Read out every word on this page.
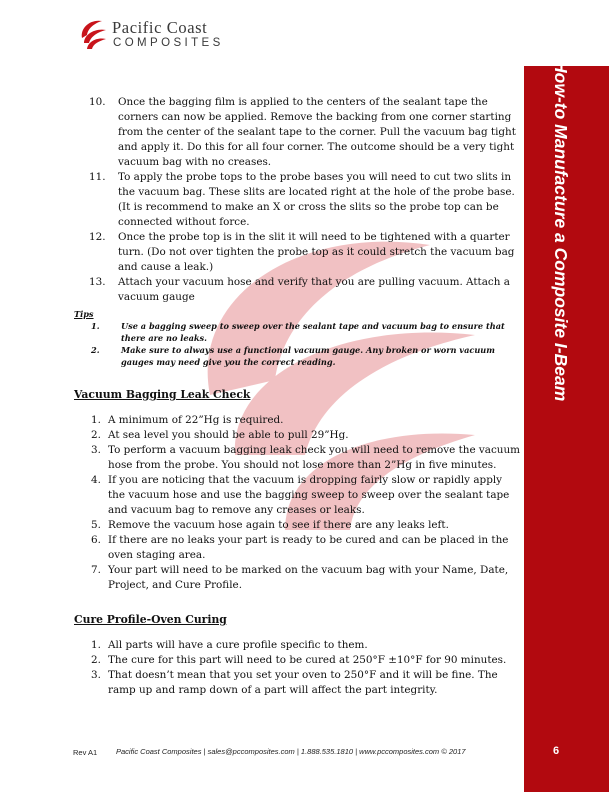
Pacific Coast
COMPOSITES
How-to Manufacture a Composite I-Beam
6
10.	Once the bagging film is applied to the centers of the sealant tape the corners can now be applied. Remove the backing from one corner starting from the center of the sealant tape to the corner. Pull the vacuum bag tight and apply it. Do this for all four corner. The outcome should be a very tight vacuum bag with no creases.
11.	To apply the probe tops to the probe bases you will need to cut two slits in the vacuum bag. These slits are located right at the hole of the probe base. (It is recommend to make an X or cross the slits so the probe top can be connected without force.
12.	Once the probe top is in the slit it will need to be tightened with a quarter turn. (Do not over tighten the probe top as it could stretch the vacuum bag and cause a leak.)
13.	Attach your vacuum hose and verify that you are pulling vacuum. Attach a vacuum gauge
Tips
1.	Use a bagging sweep to sweep over the sealant tape and vacuum bag to ensure that there are no leaks.
2.	Make sure to always use a functional vacuum gauge. Any broken or worn vacuum gauges may need give you the correct reading.
Vacuum Bagging Leak Check
1. A minimum of 22”Hg is required.
2. At sea level you should be able to pull 29”Hg.
3. To perform a vacuum bagging leak check you will need to remove the vacuum hose from the probe. You should not lose more than 2”Hg in five minutes.
4. If you are noticing that the vacuum is dropping fairly slow or rapidly apply the vacuum hose and use the bagging sweep to sweep over the sealant tape and vacuum bag to remove any creases or leaks.
5. Remove the vacuum hose again to see if there are any leaks left.
6. If there are no leaks your part is ready to be cured and can be placed in the oven staging area.
7. Your part will need to be marked on the vacuum bag with your Name, Date, Project, and Cure Profile.
Cure Profile-Oven Curing
1. All parts will have a cure profile specific to them.
2. The cure for this part will need to be cured at 250°F ±10°F for 90 minutes.
3. That doesn’t mean that you set your oven to 250°F and it will be fine. The ramp up and ramp down of a part will affect the part integrity.
Rev A1	Pacific Coast Composites | sales@pccomposites.com | 1.888.535.1810 | www.pccomposites.com © 2017
